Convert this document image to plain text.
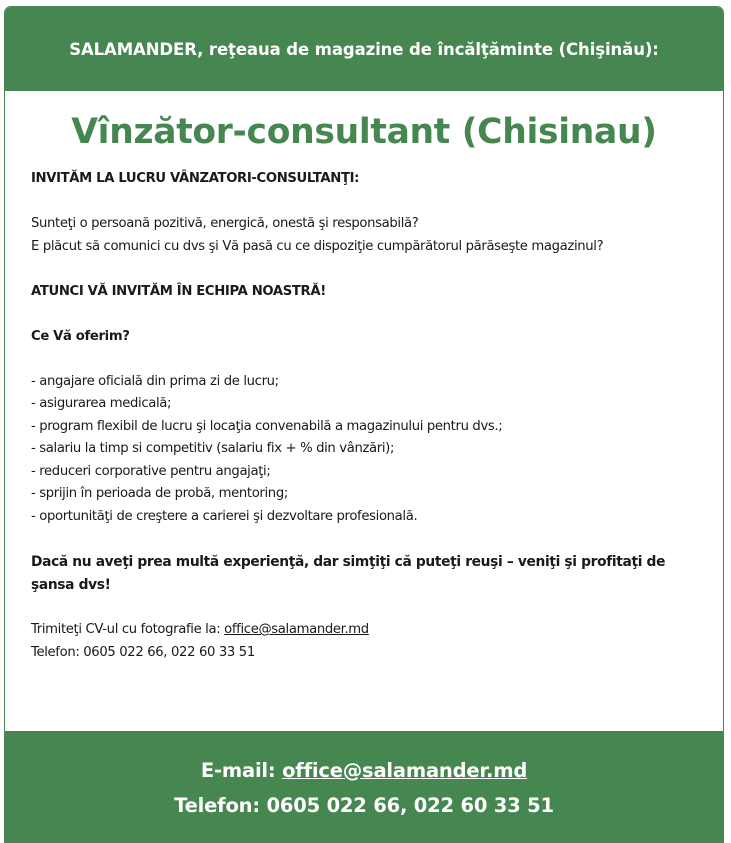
SALAMANDER, reţeaua de magazine de încălţăminte (Chişinău):
Vînzător-consultant (Chisinau)

INVITĂM LA LUCRU VÂNZATORI-CONSULTANŢI:

Sunteţi o persoană pozitivă, energică, onestă şi responsabilă?

E plăcut să comunici cu dvs şi Vă pasă cu ce dispoziţie cumpărătorul părăseşte magazinul?

ATUNCI VĂ INVITĂM ÎN ECHIPA NOASTRĂ!

Ce Vă oferim?

- angajare oficială din prima zi de lucru;

- asigurarea medicală;

- program flexibil de lucru şi locaţia convenabilă a magazinului pentru dvs.;

- salariu la timp si competitiv (salariu fix + % din vânzări);

- reduceri corporative pentru angajaţi;

- sprijin în perioada de probă, mentoring;

- oportunităţi de creştere a carierei şi dezvoltare profesională.

Dacă nu aveţi prea multă experienţă, dar simţiţi că puteţi reuşi – veniţi şi profitaţi de

şansa dvs!

Trimiteţi CV-ul cu fotografie la: office@salamander.md

Telefon: 0605 022 66, 022 60 33 51

E-mail: office@salamander.md
Telefon: 0605 022 66, 022 60 33 51
